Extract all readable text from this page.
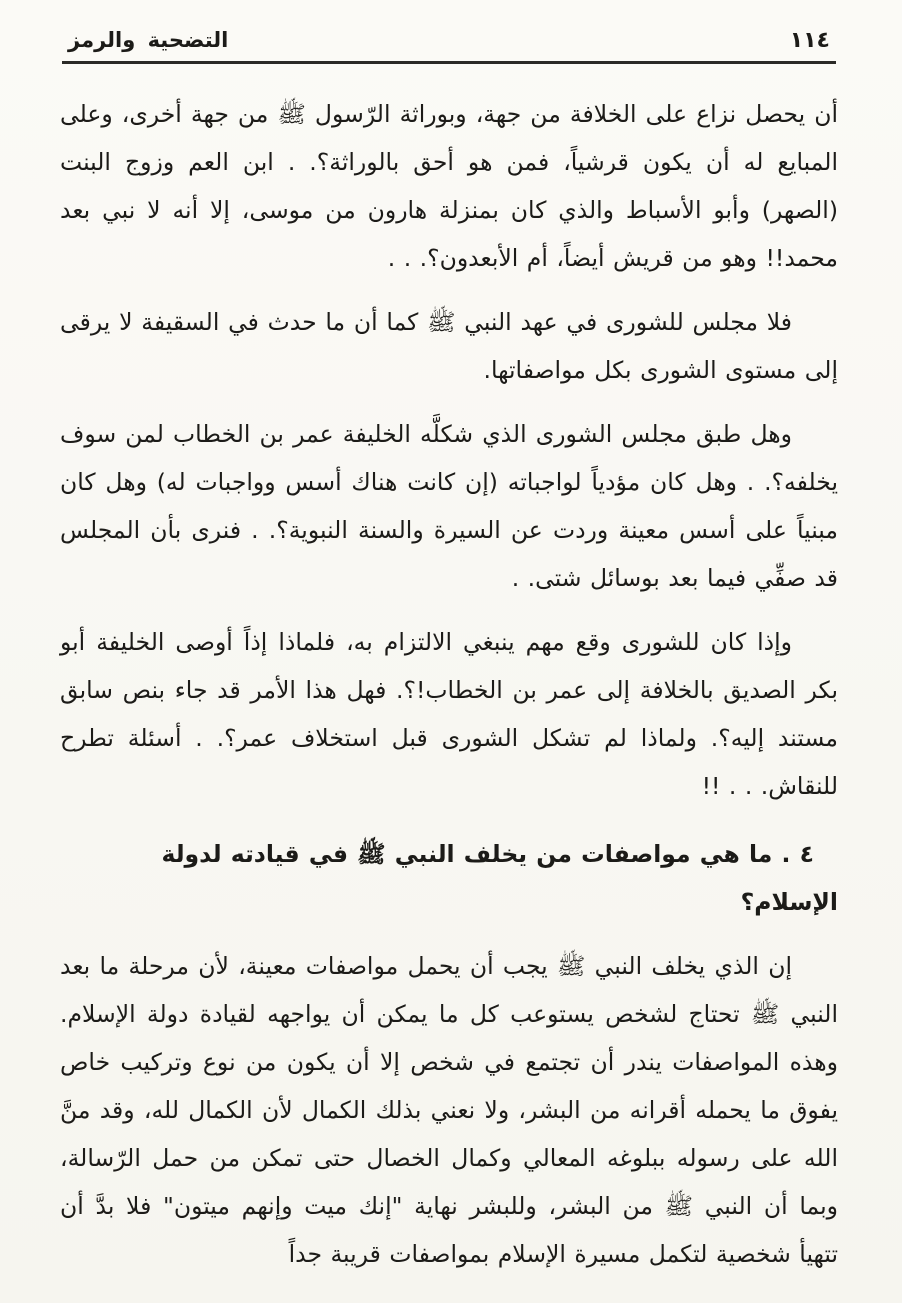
١١٤
التضحية والرمز

أن يحصل نزاع على الخلافة من جهة، وبوراثة الرّسول ﷺ من جهة أخرى، وعلى المبايع له أن يكون قرشياً، فمن هو أحق بالوراثة؟. . ابن العم وزوج البنت (الصهر) وأبو الأسباط والذي كان بمنزلة هارون من موسى، إلا أنه لا نبي بعد محمد!! وهو من قريش أيضاً، أم الأبعدون؟. . .

فلا مجلس للشورى في عهد النبي ﷺ كما أن ما حدث في السقيفة لا يرقى إلى مستوى الشورى بكل مواصفاتها.

وهل طبق مجلس الشورى الذي شكلَّه الخليفة عمر بن الخطاب لمن سوف يخلفه؟. . وهل كان مؤدياً لواجباته (إن كانت هناك أسس وواجبات له) وهل كان مبنياً على أسس معينة وردت عن السيرة والسنة النبوية؟. . فنرى بأن المجلس قد صفِّي فيما بعد بوسائل شتى. .

وإذا كان للشورى وقع مهم ينبغي الالتزام به، فلماذا إذاً أوصى الخليفة أبو بكر الصديق بالخلافة إلى عمر بن الخطاب!؟. فهل هذا الأمر قد جاء بنص سابق مستند إليه؟. ولماذا لم تشكل الشورى قبل استخلاف عمر؟. . أسئلة تطرح للنقاش. . . !!

٤ . ما هي مواصفات من يخلف النبي ﷺ في قيادته لدولة الإسلام؟

إن الذي يخلف النبي ﷺ يجب أن يحمل مواصفات معينة، لأن مرحلة ما بعد النبي ﷺ تحتاج لشخص يستوعب كل ما يمكن أن يواجهه لقيادة دولة الإسلام. وهذه المواصفات يندر أن تجتمع في شخص إلا أن يكون من نوع وتركيب خاص يفوق ما يحمله أقرانه من البشر، ولا نعني بذلك الكمال لأن الكمال لله، وقد منَّ الله على رسوله ببلوغه المعالي وكمال الخصال حتى تمكن من حمل الرّسالة، وبما أن النبي ﷺ من البشر، وللبشر نهاية "إنك ميت وإنهم ميتون" فلا بدَّ أن تتهيأ شخصية لتكمل مسيرة الإسلام بمواصفات قريبة جداً
